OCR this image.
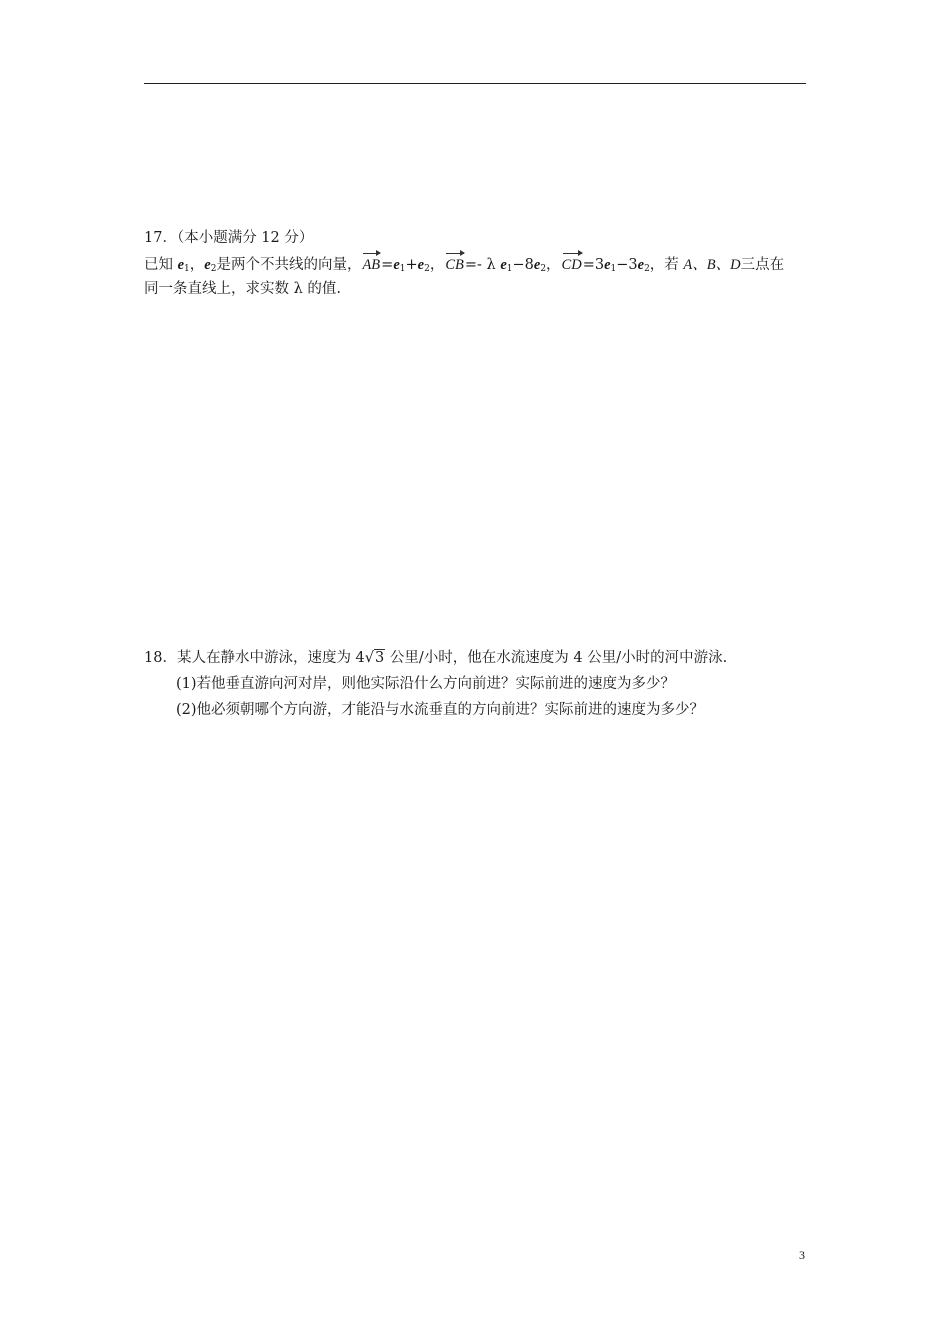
17．（本小题满分 12 分）
已知 $e_1$，$e_2$是两个不共线的向量，$AB=e_1+e_2$，CB=- λ $e_1-8e_2$，$CD=3e_1-3e_2$，若 A、B、D三点在
同一条直线上，求实数 λ 的值.
18．某人在静水中游泳，速度为 4√3 公里/小时，他在水流速度为 4 公里/小时的河中游泳.
(1)若他垂直游向河对岸，则他实际沿什么方向前进？实际前进的速度为多少？
(2)他必须朝哪个方向游，才能沿与水流垂直的方向前进？实际前进的速度为多少？
3
